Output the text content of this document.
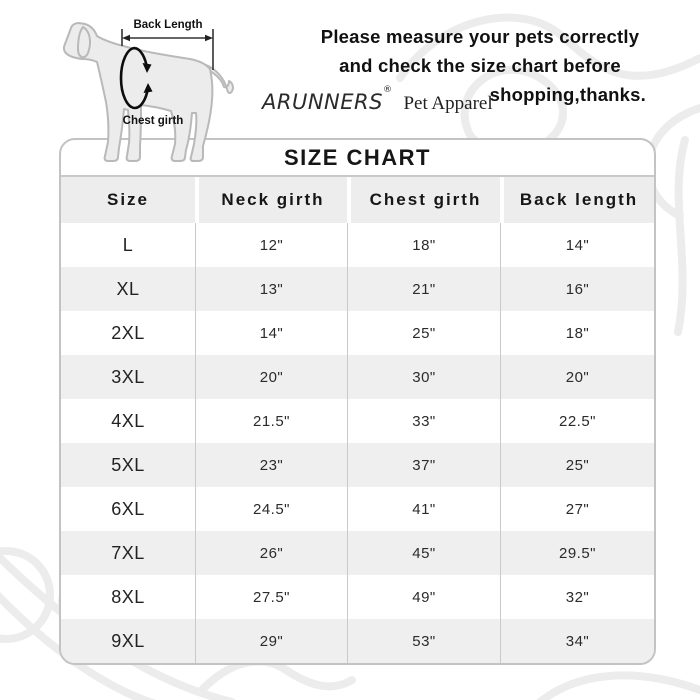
Please measure your pets correctly
and check the size chart before
shopping,thanks.
ARUNNERS®
Pet Apparel
Back Length
Chest girth
SIZE CHART
Size	Neck girth	Chest girth	Back length
L	12"	18"	14"
XL	13"	21"	16"
2XL	14"	25"	18"
3XL	20"	30"	20"
4XL	21.5"	33"	22.5"
5XL	23"	37"	25"
6XL	24.5"	41"	27"
7XL	26"	45"	29.5"
8XL	27.5"	49"	32"
9XL	29"	53"	34"
